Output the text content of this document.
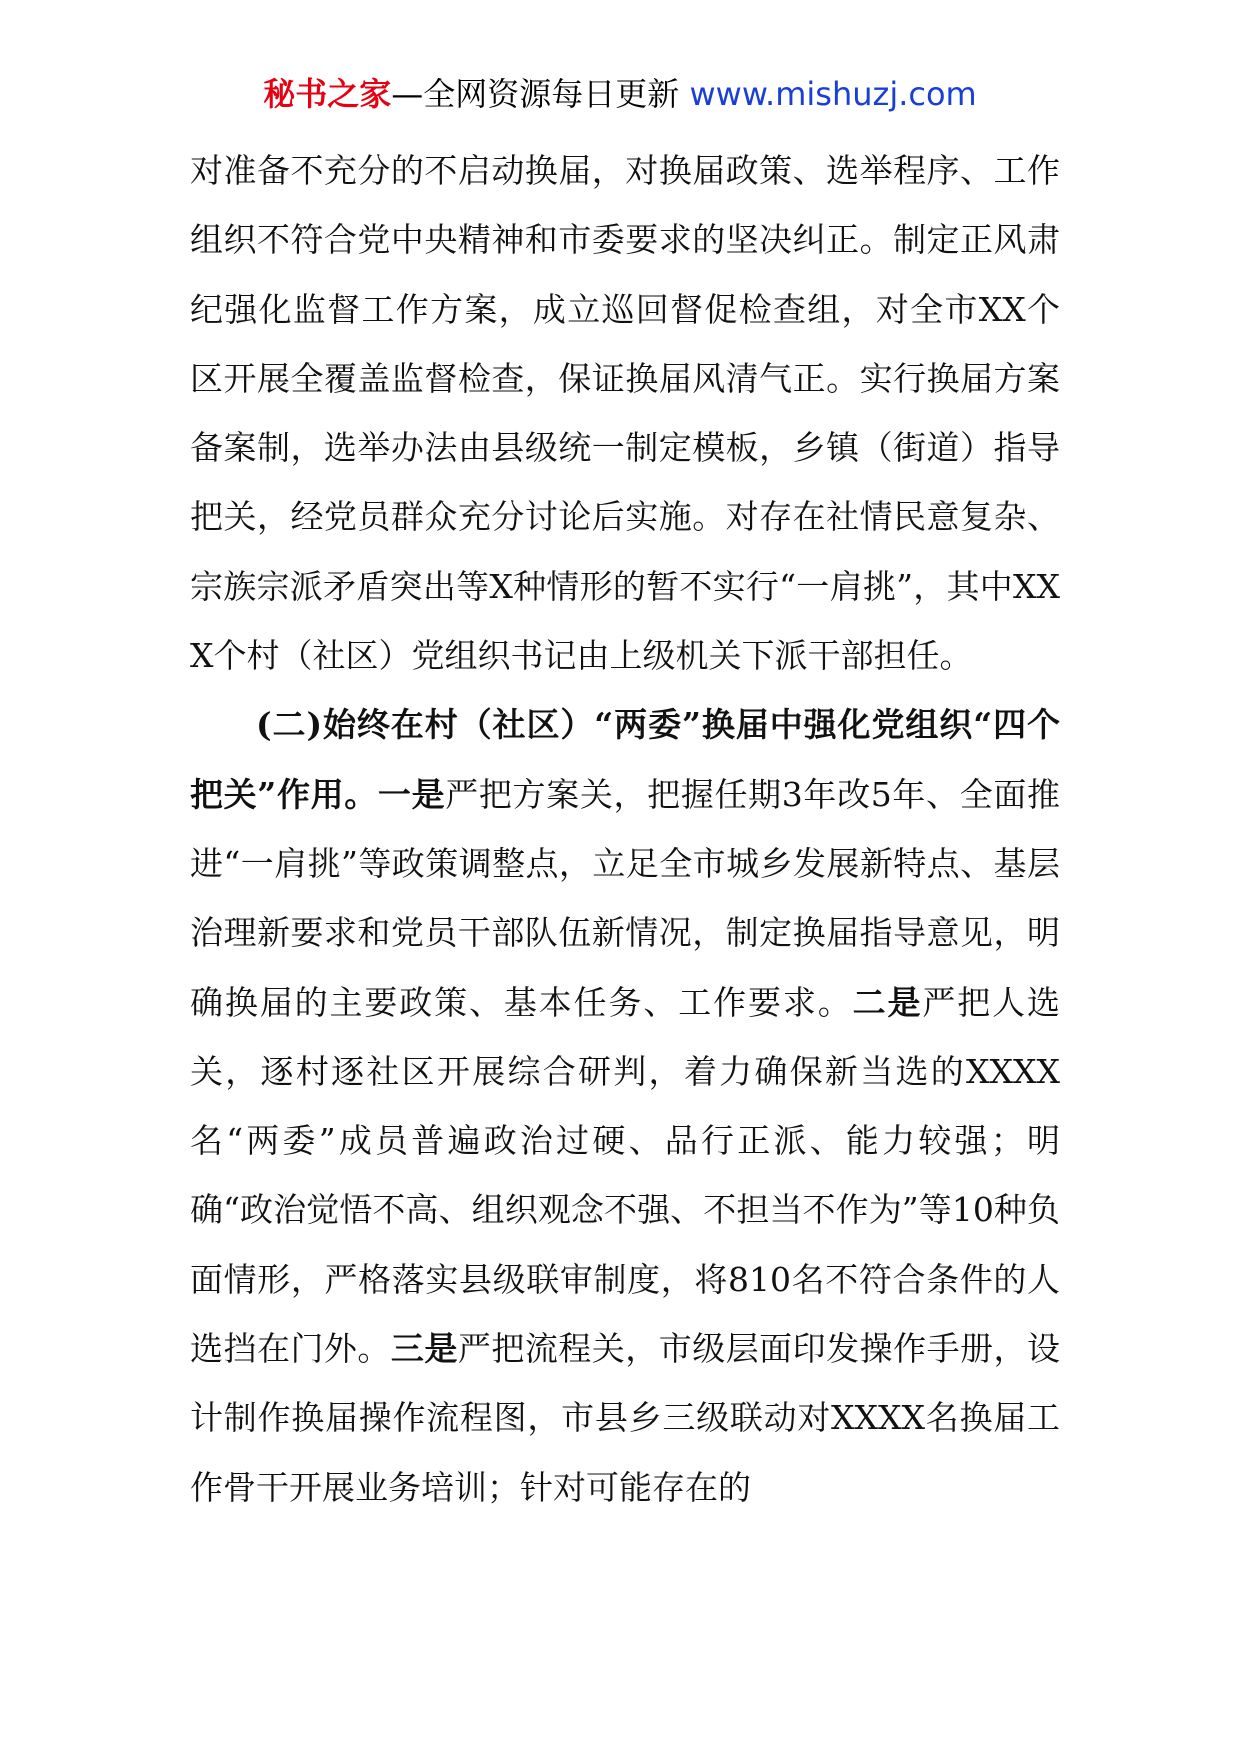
秘书之家—全网资源每日更新 www.mishuzj.com

对准备不充分的不启动换届，对换届政策、选举程序、工作组织不符合党中央精神和市委要求的坚决纠正。制定正风肃纪强化监督工作方案，成立巡回督促检查组，对全市XX个区开展全覆盖监督检查，保证换届风清气正。实行换届方案备案制，选举办法由县级统一制定模板，乡镇（街道）指导把关，经党员群众充分讨论后实施。对存在社情民意复杂、宗族宗派矛盾突出等X种情形的暂不实行“一肩挑”，其中XXX个村（社区）党组织书记由上级机关下派干部担任。

(二)始终在村（社区）“两委”换届中强化党组织“四个把关”作用。一是严把方案关，把握任期3年改5年、全面推进“一肩挑”等政策调整点，立足全市城乡发展新特点、基层治理新要求和党员干部队伍新情况，制定换届指导意见，明确换届的主要政策、基本任务、工作要求。二是严把人选关，逐村逐社区开展综合研判，着力确保新当选的XXXX名“两委”成员普遍政治过硬、品行正派、能力较强；明确“政治觉悟不高、组织观念不强、不担当不作为”等10种负面情形，严格落实县级联审制度，将810名不符合条件的人选挡在门外。三是严把流程关，市级层面印发操作手册，设计制作换届操作流程图，市县乡三级联动对XXXX名换届工作骨干开展业务培训；针对可能存在的
